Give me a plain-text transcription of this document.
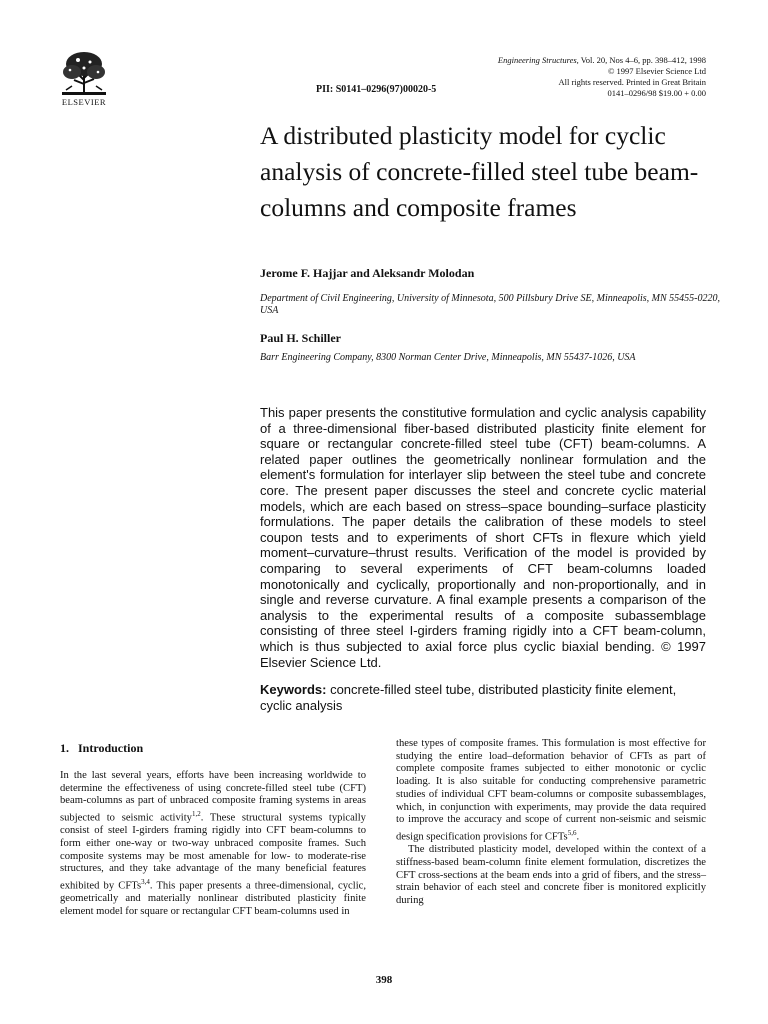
ELSEVIER
PII: S0141–0296(97)00020-5
Engineering Structures, Vol. 20, Nos 4–6, pp. 398–412, 1998
© 1997 Elsevier Science Ltd
All rights reserved. Printed in Great Britain
0141–0296/98 $19.00 + 0.00
A distributed plasticity model for cyclic analysis of concrete-filled steel tube beam-columns and composite frames
Jerome F. Hajjar and Aleksandr Molodan
Department of Civil Engineering, University of Minnesota, 500 Pillsbury Drive SE, Minneapolis, MN 55455-0220, USA
Paul H. Schiller
Barr Engineering Company, 8300 Norman Center Drive, Minneapolis, MN 55437-1026, USA

This paper presents the constitutive formulation and cyclic analysis capability of a three-dimensional fiber-based distributed plasticity finite element for square or rectangular concrete-filled steel tube (CFT) beam-columns. A related paper outlines the geometrically nonlinear formulation and the element's formulation for interlayer slip between the steel tube and concrete core. The present paper discusses the steel and concrete cyclic material models, which are each based on stress–space bounding–surface plasticity formulations. The paper details the calibration of these models to steel coupon tests and to experiments of short CFTs in flexure which yield moment–curvature–thrust results. Verification of the model is provided by comparing to several experiments of CFT beam-columns loaded monotonically and cyclically, proportionally and non-proportionally, and in single and reverse curvature. A final example presents a comparison of the analysis to the experimental results of a composite subassemblage consisting of three steel I-girders framing rigidly into a CFT beam-column, which is thus subjected to axial force plus cyclic biaxial bending. © 1997 Elsevier Science Ltd.

Keywords: concrete-filled steel tube, distributed plasticity finite element, cyclic analysis

1. Introduction

In the last several years, efforts have been increasing worldwide to determine the effectiveness of using concrete-filled steel tube (CFT) beam-columns as part of unbraced composite framing systems in areas subjected to seismic activity$^{1,2}$. These structural systems typically consist of steel I-girders framing rigidly into CFT beam-columns to form either one-way or two-way unbraced composite frames. Such composite systems may be most amenable for low- to moderate-rise structures, and they take advantage of the many beneficial features exhibited by CFTs$^{3,4}$. This paper presents a three-dimensional, cyclic, geometrically and materially nonlinear distributed plasticity finite element model for square or rectangular CFT beam-columns used in

these types of composite frames. This formulation is most effective for studying the entire load–deformation behavior of CFTs as part of complete composite frames subjected to either monotonic or cyclic loading. It is also suitable for conducting comprehensive parametric studies of individual CFT beam-columns or composite subassemblages, which, in conjunction with experiments, may provide the data required to improve the accuracy and scope of current non-seismic and seismic design specification provisions for CFTs$^{5,6}$.

The distributed plasticity model, developed within the context of a stiffness-based beam-column finite element formulation, discretizes the CFT cross-sections at the beam ends into a grid of fibers, and the stress–strain behavior of each steel and concrete fiber is monitored explicitly during

398
